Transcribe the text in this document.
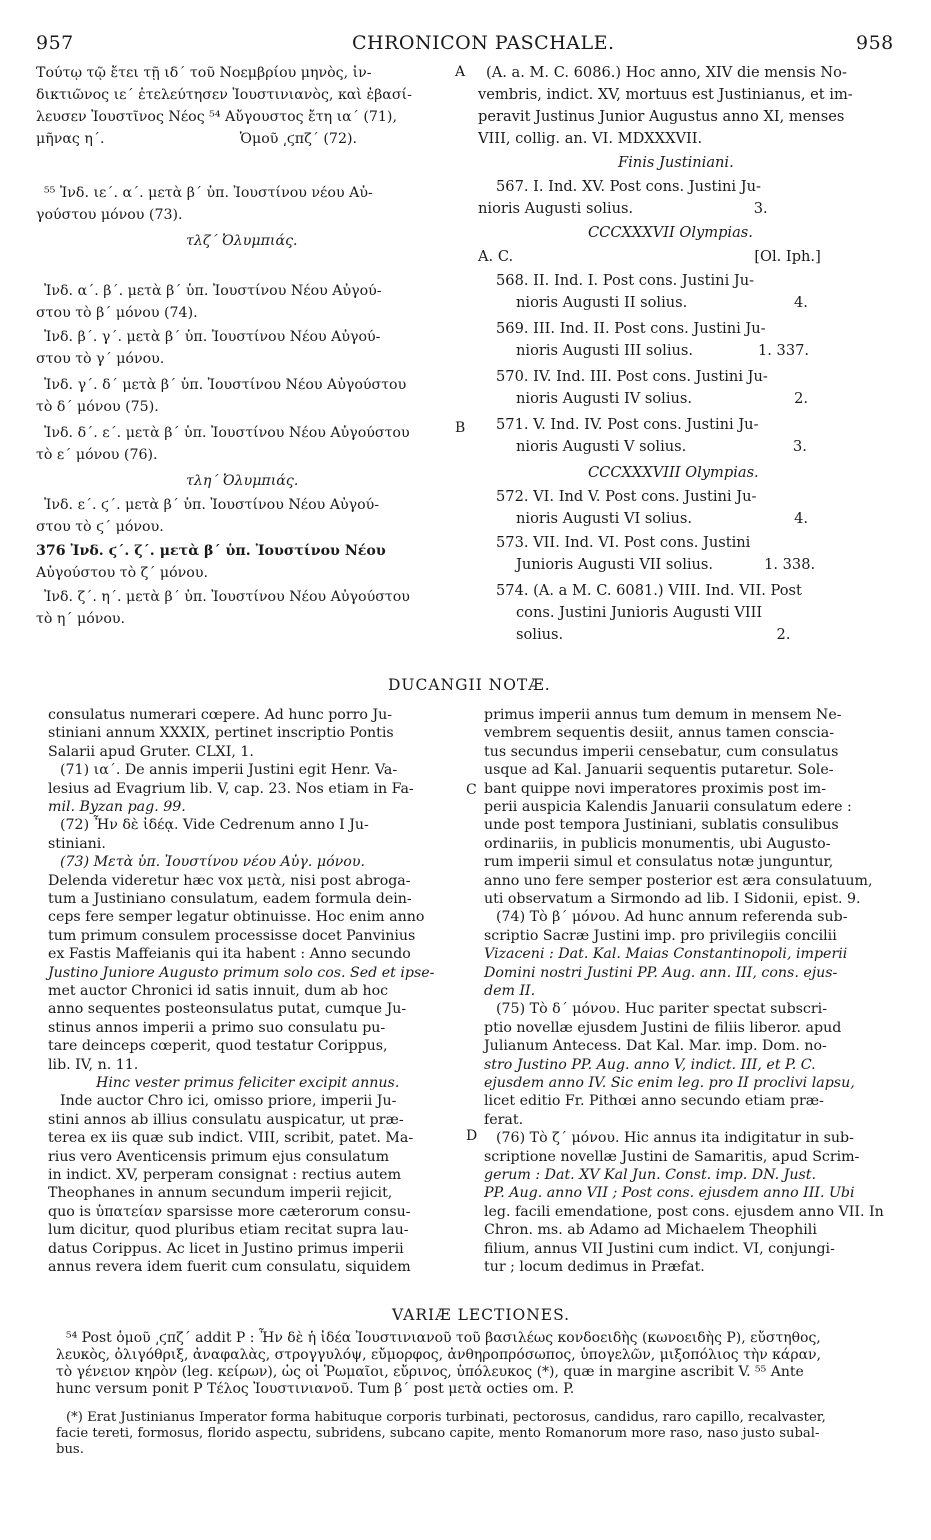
957	CHRONICON PASCHALE.	958
Τούτῳ τῷ ἔτει τῇ ιδ΄ τοῦ Νοεμβρίου μηνὸς, ἰν-
δικτιῶνος ιε΄ ἐτελεύτησεν Ἰουστινιανὸς, καὶ ἐβασί-
λευσεν Ἰουστῖνος Νέος ⁵⁴ Αὔγουστος ἔτη ια΄ (71),
μῆνας η΄.                              Ὁμοῦ ͵ϛπζ΄ (72).
⁵⁵ Ἰνδ. ιε΄. α΄. μετὰ β΄ ὑπ. Ἰουστίνου νέου Αὐ-
γούστου μόνου (73).
τλζ΄ Ὀλυμπιάς.
Ἰνδ. α΄. β΄. μετὰ β΄ ὑπ. Ἰουστίνου Νέου Αὐγού-
στου τὸ β΄ μόνου (74).
Ἰνδ. β΄. γ΄. μετὰ β΄ ὑπ. Ἰουστίνου Νέου Αὐγού-
στου τὸ γ΄ μόνου.
Ἰνδ. γ΄. δ΄ μετὰ β΄ ὑπ. Ἰουστίνου Νέου Αὐγούστου
τὸ δ΄ μόνου (75).
Ἰνδ. δ΄. ε΄. μετὰ β΄ ὑπ. Ἰουστίνου Νέου Αὐγούστου
τὸ ε΄ μόνου (76).
τλη΄ Ὀλυμπιάς.
Ἰνδ. ε΄. ϛ΄. μετὰ β΄ ὑπ. Ἰουστίνου Νέου Αὐγού-
στου τὸ ϛ΄ μόνου.
376 Ἰνδ. ϛ΄. ζ΄. μετὰ β΄ ὑπ. Ἰουστίνου Νέου
Αὐγούστου τὸ ζ΄ μόνου.
Ἰνδ. ζ΄. η΄. μετὰ β΄ ὑπ. Ἰουστίνου Νέου Αὐγούστου
τὸ η΄ μόνου.
A
B
C
D
(A. a. M. C. 6086.) Hoc anno, XIV die mensis No-
vembris, indict. XV, mortuus est Justinianus, et im-
peravit Justinus Junior Augustus anno XI, menses
VIII, collig. an. VI. MDXXXVII.
Finis Justiniani.
567. I. Ind. XV. Post cons. Justini Ju-
nioris Augusti solius.                          3.
CCCXXXVII Olympias.
A. C.                                                    [Ol. Iph.]
568. II. Ind. I. Post cons. Justini Ju-
nioris Augusti II solius.                       4.
569. III. Ind. II. Post cons. Justini Ju-
nioris Augusti III solius.              1. 337.
570. IV. Ind. III. Post cons. Justini Ju-
nioris Augusti IV solius.                      2.
571. V. Ind. IV. Post cons. Justini Ju-
nioris Augusti V solius.                       3.
CCCXXXVIII Olympias.
572. VI. Ind V. Post cons. Justini Ju-
nioris Augusti VI solius.                      4.
573. VII. Ind. VI. Post cons. Justini
Junioris Augusti VII solius.           1. 338.
574. (A. a M. C. 6081.) VIII. Ind. VII. Post
cons. Justini Junioris Augusti VIII
solius.                                              2.
DUCANGII NOTÆ.
consulatus numerari cœpere. Ad hunc porro Ju-
stiniani annum XXXIX, pertinet inscriptio Pontis
Salarii apud Gruter. CLXI, 1.
(71) ια΄. De annis imperii Justini egit Henr. Va-
lesius ad Evagrium lib. V, cap. 23. Nos etiam in Fa-
mil. Byzan pag. 99.
(72) Ἦν δὲ ἰδέᾳ. Vide Cedrenum anno I Ju-
stiniani.
(73) Μετὰ ὑπ. Ἰουστίνου νέου Αὐγ. μόνου.
Delenda videretur hæc vox μετὰ, nisi post abroga-
tum a Justiniano consulatum, eadem formula dein-
ceps fere semper legatur obtinuisse. Hoc enim anno
tum primum consulem processisse docet Panvinius
ex Fastis Maffeianis qui ita habent : Anno secundo
Justino Juniore Augusto primum solo cos. Sed et ipse-
met auctor Chronici id satis innuit, dum ab hoc
anno sequentes posteonsulatus putat, cumque Ju-
stinus annos imperii a primo suo consulatu pu-
tare deinceps cœperit, quod testatur Corippus,
lib. IV, n. 11.
Hinc vester primus feliciter excipit annus.
Inde auctor Chro ici, omisso priore, imperii Ju-
stini annos ab illius consulatu auspicatur, ut præ-
terea ex iis quæ sub indict. VIII, scribit, patet. Ma-
rius vero Aventicensis primum ejus consulatum
in indict. XV, perperam consignat : rectius autem
Theophanes in annum secundum imperii rejicit,
quo is ὑπατείαν sparsisse more cæterorum consu-
lum dicitur, quod pluribus etiam recitat supra lau-
datus Corippus. Ac licet in Justino primus imperii
annus revera idem fuerit cum consulatu, siquidem
primus imperii annus tum demum in mensem Ne-
vembrem sequentis desiit, annus tamen conscia-
tus secundus imperii censebatur, cum consulatus
usque ad Kal. Januarii sequentis putaretur. Sole-
bant quippe novi imperatores proximis post im-
perii auspicia Kalendis Januarii consulatum edere :
unde post tempora Justiniani, sublatis consulibus
ordinariis, in publicis monumentis, ubi Augusto-
rum imperii simul et consulatus notæ junguntur,
anno uno fere semper posterior est æra consulatuum,
uti observatum a Sirmondo ad lib. I Sidonii, epist. 9.
(74) Τὸ β΄ μόνου. Ad hunc annum referenda sub-
scriptio Sacræ Justini imp. pro privilegiis concilii
Vizaceni : Dat. Kal. Maias Constantinopoli, imperii
Domini nostri Justini PP. Aug. ann. III, cons. ejus-
dem II.
(75) Τὸ δ΄ μόνου. Huc pariter spectat subscri-
ptio novellæ ejusdem Justini de filiis liberor. apud
Julianum Antecess. Dat Kal. Mar. imp. Dom. no-
stro Justino PP. Aug. anno V, indict. III, et P. C.
ejusdem anno IV. Sic enim leg. pro II proclivi lapsu,
licet editio Fr. Pithœi anno secundo etiam præ-
ferat.
(76) Τὸ ζ΄ μόνου. Hic annus ita indigitatur in sub-
scriptione novellæ Justini de Samaritis, apud Scrim-
gerum : Dat. XV Kal Jun. Const. imp. DN. Just.
PP. Aug. anno VII ; Post cons. ejusdem anno III. Ubi
leg. facili emendatione, post cons. ejusdem anno VII. In
Chron. ms. ab Adamo ad Michaelem Theophili
filium, annus VII Justini cum indict. VI, conjungi-
tur ; locum dedimus in Præfat.
VARIÆ LECTIONES.
⁵⁴ Post ὁμοῦ ͵ϛπζ΄ addit P : Ἦν δὲ ἡ ἰδέα Ἰουστινιανοῦ τοῦ βασιλέως κονδοειδὴς (κωνοειδὴς P), εὔστηθος,
λευκὸς, ὀλιγόθριξ, ἀναφαλὰς, στρογγυλόψ, εὔμορφος, ἀνθηροπρόσωπος, ὑπογελῶν, μιξοπόλιος τὴν κάραν,
τὸ γένειον κηρὸν (leg. κείρων), ὡς οἱ Ῥωμαῖοι, εὔρινος, ὑπόλευκος (*), quæ in margine ascribit V. ⁵⁵ Ante
hunc versum ponit P Τέλος Ἰουστινιανοῦ. Tum β΄ post μετὰ octies om. P.
(*) Erat Justinianus Imperator forma habituque corporis turbinati, pectorosus, candidus, raro capillo, recalvaster,
facie tereti, formosus, florido aspectu, subridens, subcano capite, mento Romanorum more raso, naso justo subal-
bus.
